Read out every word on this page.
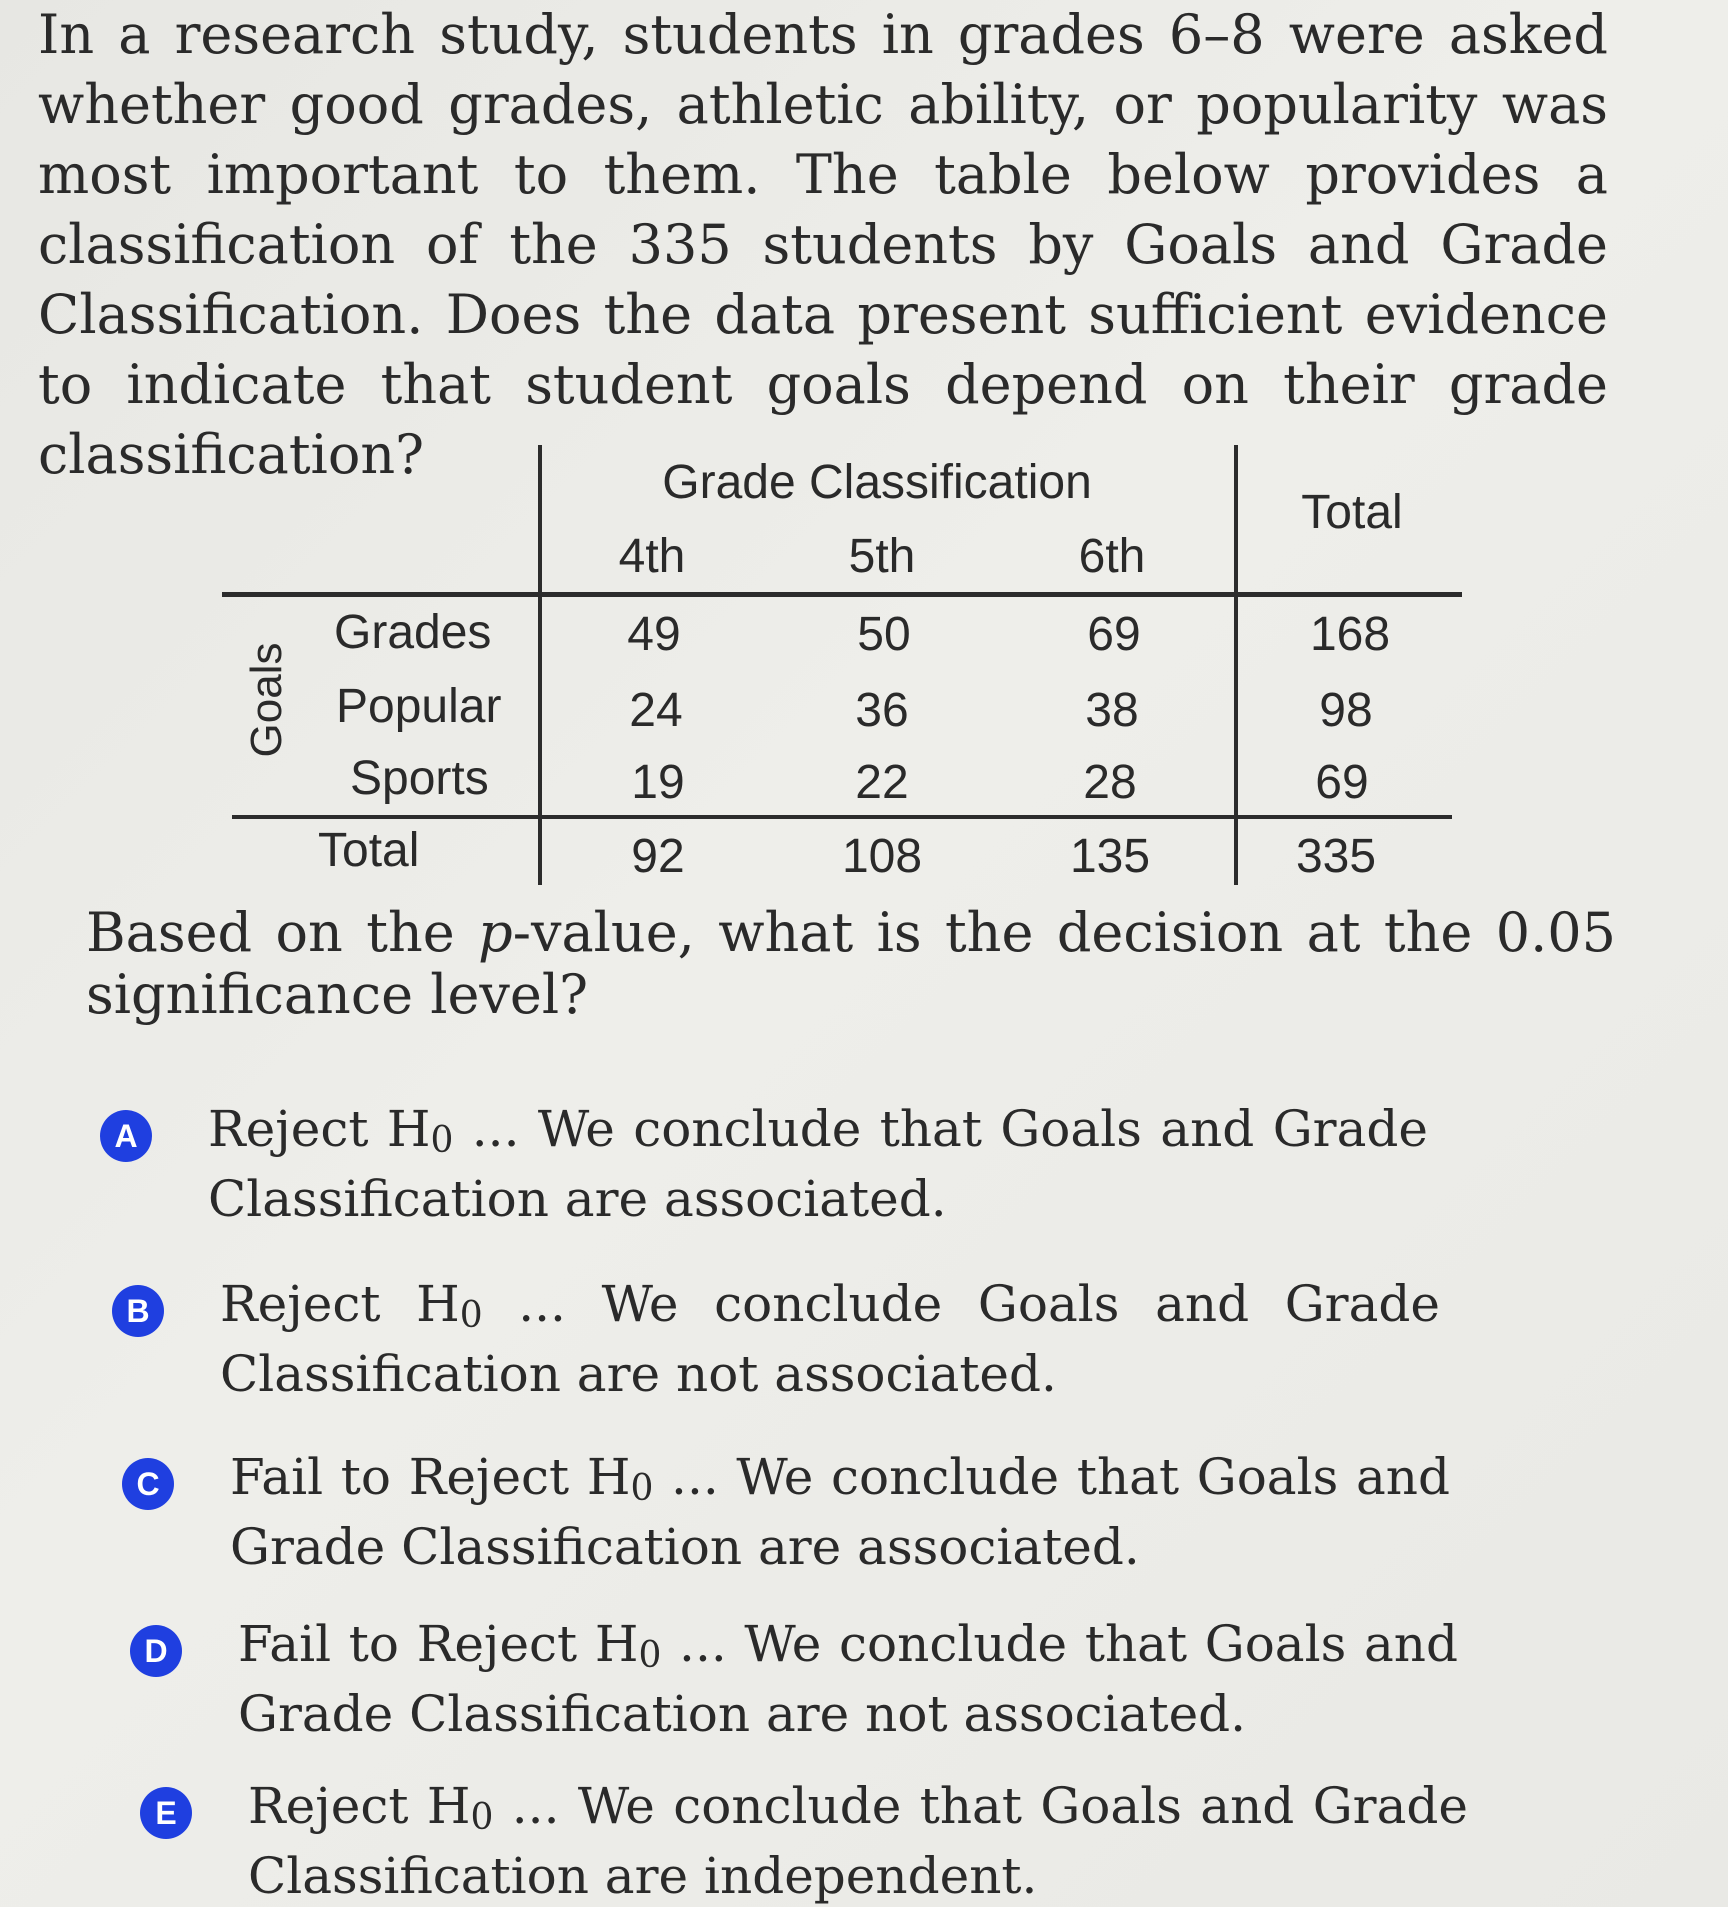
In a research study, students in grades 6–8 were asked whether good grades, athletic ability, or popularity was most important to them. The table below provides a classification of the 335 students by Goals and Grade Classification. Does the data present sufficient evidence to indicate that student goals depend on their grade classification?
Goals
Grade Classification
Total
4th	5th	6th
Grades	49	50	69	168
Popular	24	36	38	98
Sports	19	22	28	69
Total	92	108	135	335
Based on the p-value, what is the decision at the 0.05 significance level?
A Reject H0 ... We conclude that Goals and Grade Classification are associated.
B Reject H0 ... We conclude Goals and Grade Classification are not associated.
C Fail to Reject H0 ... We conclude that Goals and Grade Classification are associated.
D Fail to Reject H0 ... We conclude that Goals and Grade Classification are not associated.
E	Reject H0 ... We conclude that Goals and Grade Classification are independent.
